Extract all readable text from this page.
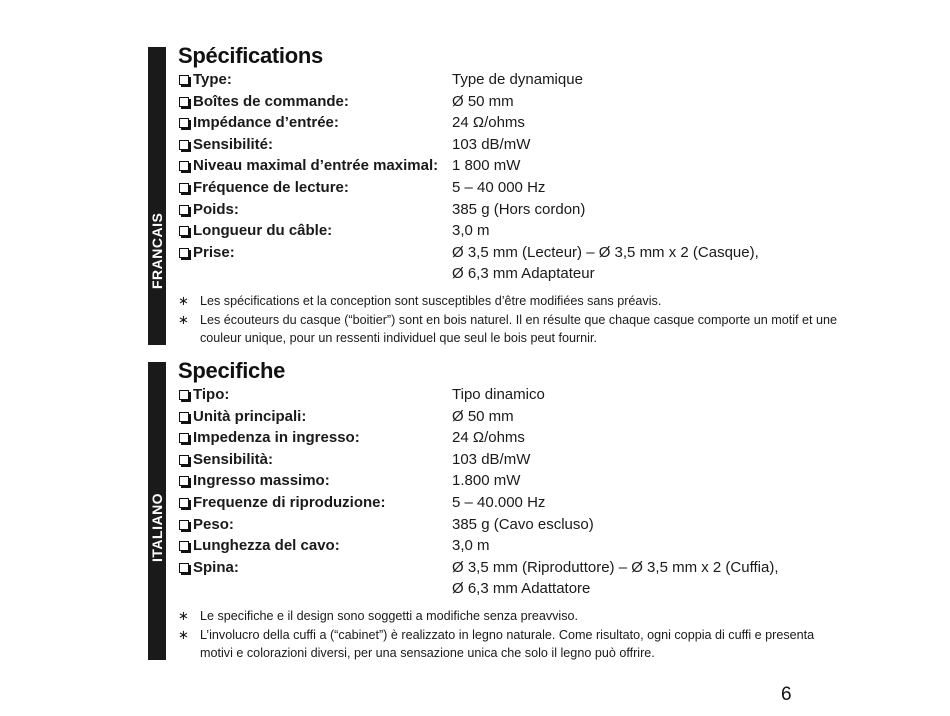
FRANCAIS
Spécifications
Type:	Type de dynamique
Boîtes de commande:	Ø 50 mm
Impédance d’entrée:	24 Ω/ohms
Sensibilité:	103 dB/mW
Niveau maximal d’entrée maximal: 1 800 mW
Fréquence de lecture:	5 – 40 000 Hz
Poids:	385 g (Hors cordon)
Longueur du câble:	3,0 m
Prise:	Ø 3,5 mm (Lecteur) – Ø 3,5 mm x 2 (Casque),
Ø 6,3 mm Adaptateur
∗ Les spécifications et la conception sont susceptibles d’être modifiées sans préavis.
∗ Les écouteurs du casque (“boitier”) sont en bois naturel. Il en résulte que chaque casque comporte un motif et une couleur unique, pour un ressenti individuel que seul le bois peut fournir.
ITALIANO
Specifiche
Tipo:	Tipo dinamico
Unità principali:	Ø 50 mm
Impedenza in ingresso:	24 Ω/ohms
Sensibilità:	103 dB/mW
Ingresso massimo:	1.800 mW
Frequenze di riproduzione:	5 – 40.000 Hz
Peso:	385 g (Cavo escluso)
Lunghezza del cavo:	3,0 m
Spina:	Ø 3,5 mm (Riproduttore) – Ø 3,5 mm x 2 (Cuffia),
Ø 6,3 mm Adattatore
∗ Le specifiche e il design sono soggetti a modifiche senza preavviso.
∗ L’involucro della cuffi a (“cabinet”) è realizzato in legno naturale. Come risultato, ogni coppia di cuffi e presenta motivi e colorazioni diversi, per una sensazione unica che solo il legno può offrire.
6
